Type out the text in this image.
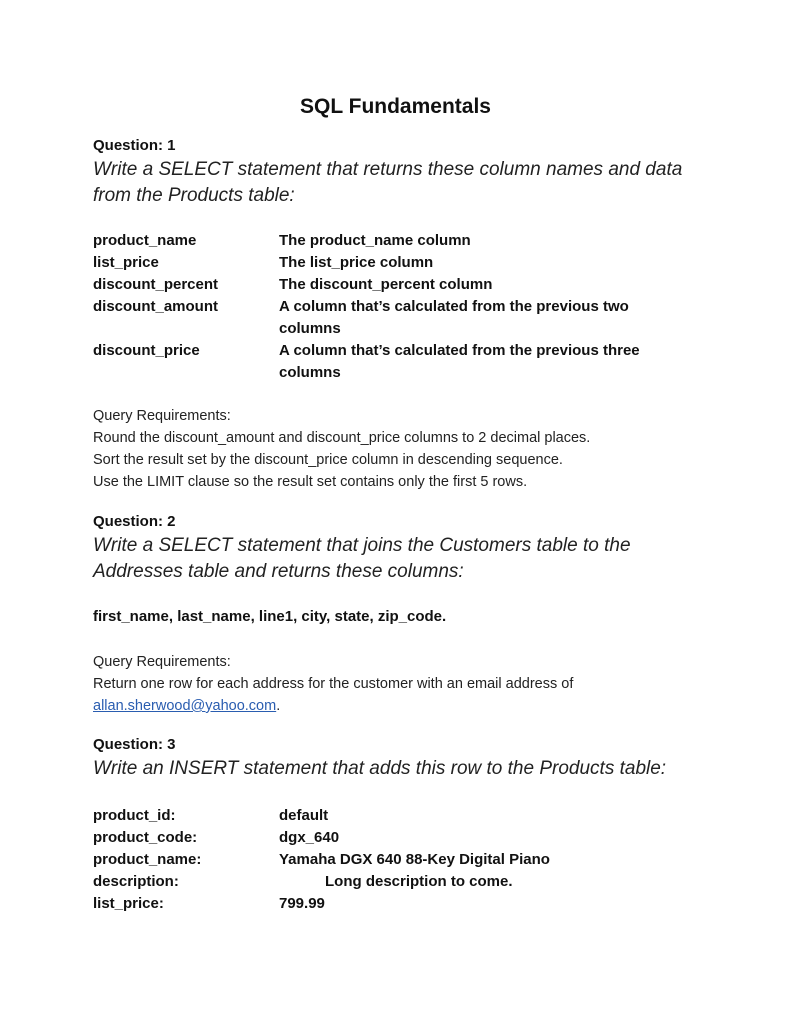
SQL Fundamentals
Question: 1
Write a SELECT statement that returns these column names and data from the Products table:
product_name	The product_name column
list_price	The list_price column
discount_percent	The discount_percent column
discount_amount	A column that’s calculated from the previous two columns
discount_price	A column that’s calculated from the previous three columns
Query Requirements:
Round the discount_amount and discount_price columns to 2 decimal places.
Sort the result set by the discount_price column in descending sequence.
Use the LIMIT clause so the result set contains only the first 5 rows.
Question: 2
Write a SELECT statement that joins the Customers table to the Addresses table and returns these columns:
first_name, last_name, line1, city, state, zip_code.
Query Requirements:
Return one row for each address for the customer with an email address of
allan.sherwood@yahoo.com.
Question: 3
Write an INSERT statement that adds this row to the Products table:
product_id:	default
product_code:	dgx_640
product_name:	Yamaha DGX 640 88-Key Digital Piano
description:	Long description to come.
list_price:	799.99
